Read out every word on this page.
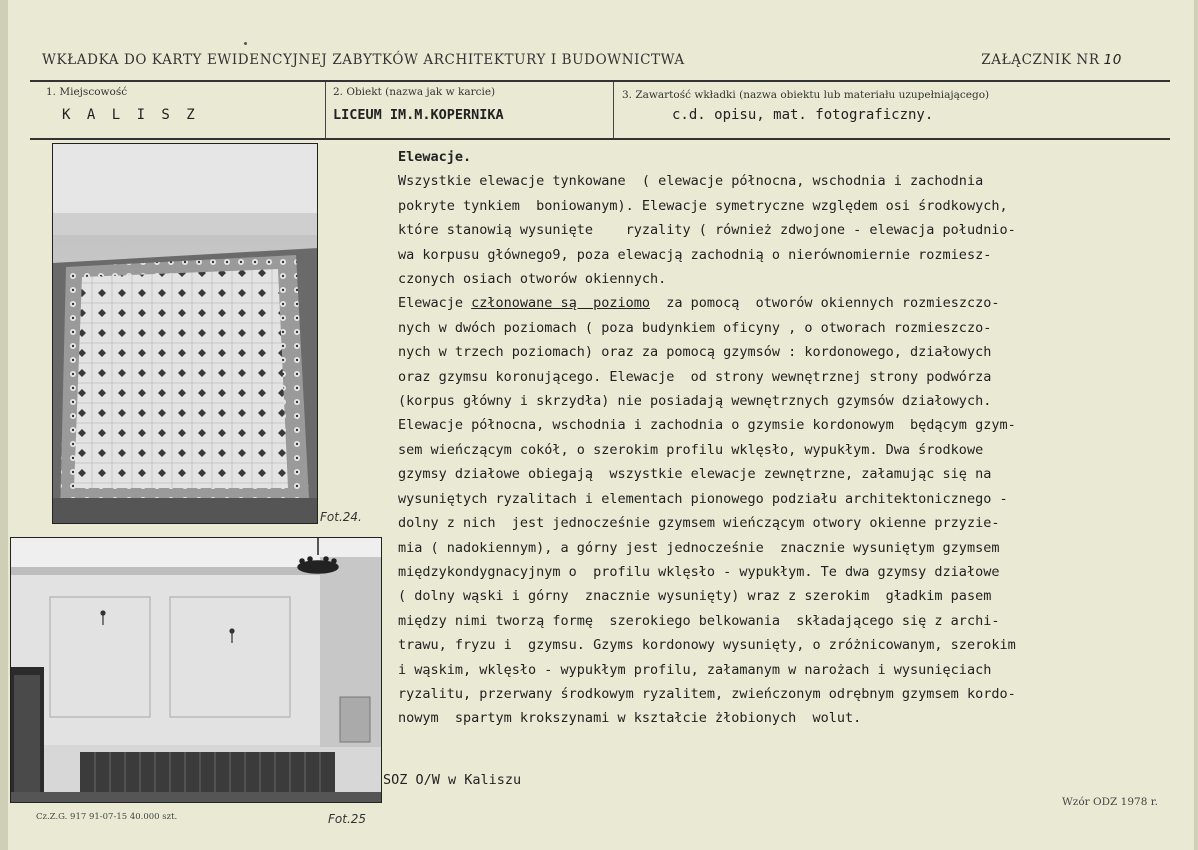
WKŁADKA DO KARTY EWIDENCYJNEJ ZABYTKÓW ARCHITEKTURY I BUDOWNICTWA	ZAŁĄCZNIK NR 10
1. Miejscowość
K A L I S Z
2. Obiekt (nazwa jak w karcie)
LICEUM IM.M.KOPERNIKA
3. Zawartość wkładki (nazwa obiektu lub materiału uzupełniającego)
c.d. opisu, mat. fotograficzny.
Fot.24.
Fot.25
Elewacje.
Wszystkie elewacje tynkowane  ( elewacje północna, wschodnia i zachodnia
pokryte tynkiem  boniowanym). Elewacje symetryczne względem osi środkowych,
które stanowią wysunięte    ryzality ( również zdwojone - elewacja południo-
wa korpusu głównego9, poza elewacją zachodnią o nierównomiernie rozmiesz-
czonych osiach otworów okiennych.
Elewacje członowane są  poziomo  za pomocą  otworów okiennych rozmieszczo-
nych w dwóch poziomach ( poza budynkiem oficyny , o otworach rozmieszczo-
nych w trzech poziomach) oraz za pomocą gzymsów : kordonowego, działowych
oraz gzymsu koronującego. Elewacje  od strony wewnętrznej strony podwórza
(korpus główny i skrzydła) nie posiadają wewnętrznych gzymsów działowych.
Elewacje północna, wschodnia i zachodnia o gzymsie kordonowym  będącym gzym-
sem wieńczącym cokół, o szerokim profilu wklęsło, wypukłym. Dwa środkowe
gzymsy działowe obiegają  wszystkie elewacje zewnętrzne, załamując się na
wysuniętych ryzalitach i elementach pionowego podziału architektonicznego -
dolny z nich  jest jednocześnie gzymsem wieńczącym otwory okienne przyzie-
mia ( nadokiennym), a górny jest jednocześnie  znacznie wysuniętym gzymsem
międzykondygnacyjnym o  profilu wklęsło - wypukłym. Te dwa gzymsy działowe
( dolny wąski i górny  znacznie wysunięty) wraz z szerokim  gładkim pasem
między nimi tworzą formę  szerokiego belkowania  składającego się z archi-
trawu, fryzu i  gzymsu. Gzyms kordonowy wysunięty, o zróżnicowanym, szerokim
i wąskim, wklęsło - wypukłym profilu, załamanym w narożach i wysunięciach
ryzalitu, przerwany środkowym ryzalitem, zwieńczonym odrębnym gzymsem kordo-
nowym  spartym krokszynami w kształcie żłobionych  wolut.
SOZ O/W w Kaliszu
Cz.Z.G. 917 91-07-15 40.000 szt.
Wzór ODZ 1978 r.
